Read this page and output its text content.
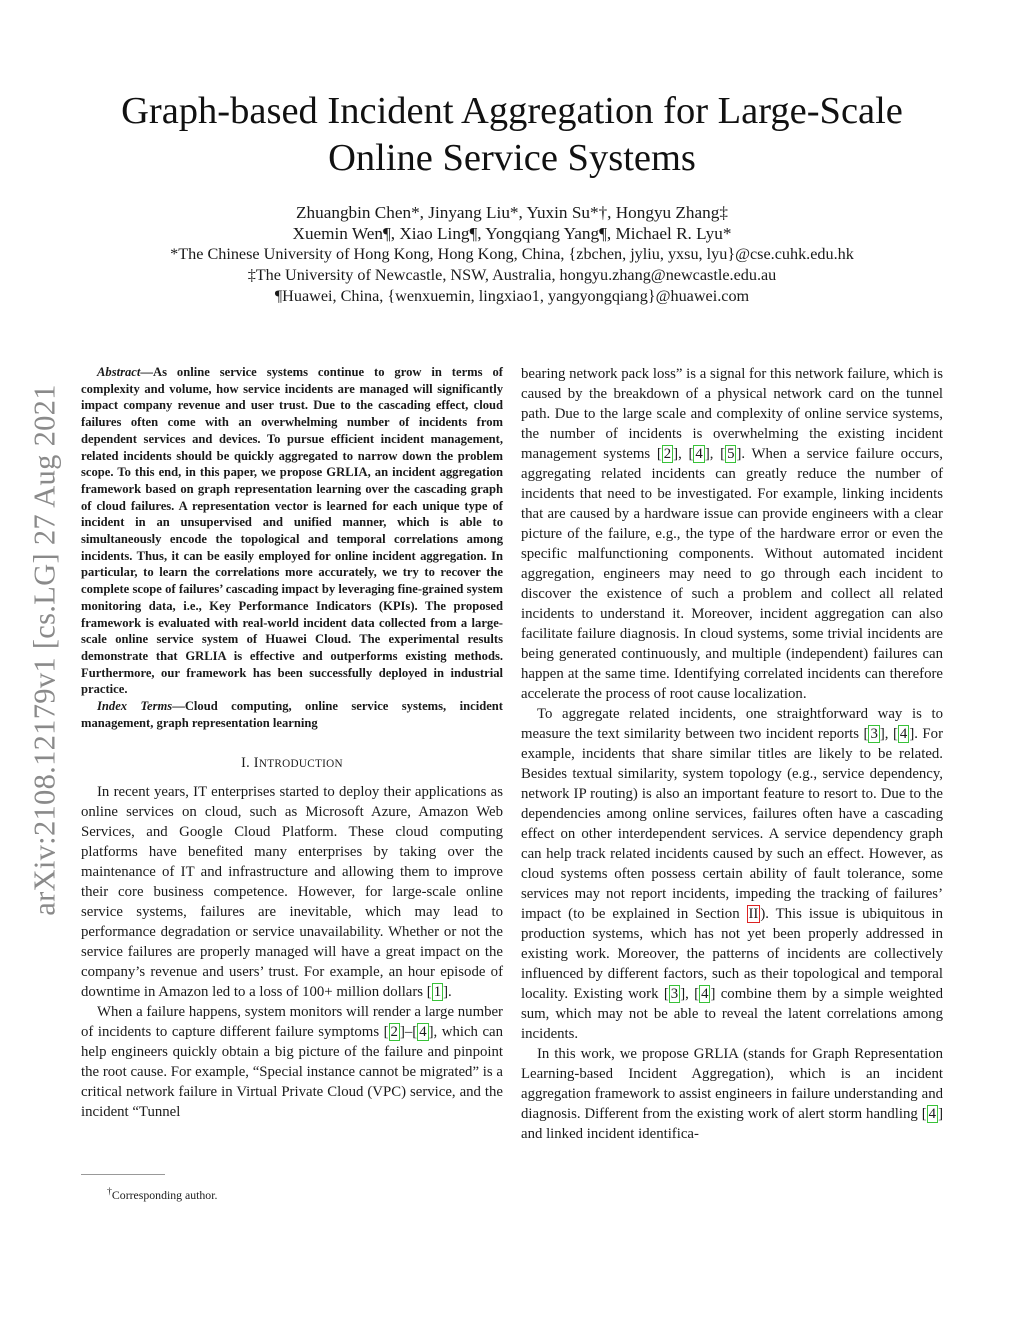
Graph-based Incident Aggregation for Large-Scale
Online Service Systems
Zhuangbin Chen*, Jinyang Liu*, Yuxin Su*†, Hongyu Zhang‡
Xuemin Wen¶, Xiao Ling¶, Yongqiang Yang¶, Michael R. Lyu*
*The Chinese University of Hong Kong, Hong Kong, China, {zbchen, jyliu, yxsu, lyu}@cse.cuhk.edu.hk
‡The University of Newcastle, NSW, Australia, hongyu.zhang@newcastle.edu.au
¶Huawei, China, {wenxuemin, lingxiao1, yangyongqiang}@huawei.com
arXiv:2108.12179v1 [cs.LG] 27 Aug 2021

Abstract—As online service systems continue to grow in terms of complexity and volume, how service incidents are managed will significantly impact company revenue and user trust. Due to the cascading effect, cloud failures often come with an overwhelming number of incidents from dependent services and devices. To pursue efficient incident management, related incidents should be quickly aggregated to narrow down the problem scope. To this end, in this paper, we propose GRLIA, an incident aggregation framework based on graph representation learning over the cascading graph of cloud failures. A representation vector is learned for each unique type of incident in an unsupervised and unified manner, which is able to simultaneously encode the topological and temporal correlations among incidents. Thus, it can be easily employed for online incident aggregation. In particular, to learn the correlations more accurately, we try to recover the complete scope of failures’ cascading impact by leveraging fine-grained system monitoring data, i.e., Key Performance Indicators (KPIs). The proposed framework is evaluated with real-world incident data collected from a large-scale online service system of Huawei Cloud. The experimental results demonstrate that GRLIA is effective and outperforms existing methods. Furthermore, our framework has been successfully deployed in industrial practice.

Index Terms—Cloud computing, online service systems, incident management, graph representation learning

I. INTRODUCTION

In recent years, IT enterprises started to deploy their applications as online services on cloud, such as Microsoft Azure, Amazon Web Services, and Google Cloud Platform. These cloud computing platforms have benefited many enterprises by taking over the maintenance of IT and infrastructure and allowing them to improve their core business competence. However, for large-scale online service systems, failures are inevitable, which may lead to performance degradation or service unavailability. Whether or not the service failures are properly managed will have a great impact on the company’s revenue and users’ trust. For example, an hour episode of downtime in Amazon led to a loss of 100+ million dollars [ 1 ].

When a failure happens, system monitors will render a large number of incidents to capture different failure symptoms [ 2 ]–[ 4 ], which can help engineers quickly obtain a big picture of the failure and pinpoint the root cause. For example, “Special instance cannot be migrated” is a critical network failure in Virtual Private Cloud (VPC) service, and the incident “Tunnel

bearing network pack loss” is a signal for this network failure, which is caused by the breakdown of a physical network card on the tunnel path. Due to the large scale and complexity of online service systems, the number of incidents is overwhelming the existing incident management systems [ 2 ], [ 4 ], [ 5 ]. When a service failure occurs, aggregating related incidents can greatly reduce the number of incidents that need to be investigated. For example, linking incidents that are caused by a hardware issue can provide engineers with a clear picture of the failure, e.g., the type of the hardware error or even the specific malfunctioning components. Without automated incident aggregation, engineers may need to go through each incident to discover the existence of such a problem and collect all related incidents to understand it. Moreover, incident aggregation can also facilitate failure diagnosis. In cloud systems, some trivial incidents are being generated continuously, and multiple (independent) failures can happen at the same time. Identifying correlated incidents can therefore accelerate the process of root cause localization.

To aggregate related incidents, one straightforward way is to measure the text similarity between two incident reports [ 3 ], [ 4 ]. For example, incidents that share similar titles are likely to be related. Besides textual similarity, system topology (e.g., service dependency, network IP routing) is also an important feature to resort to. Due to the dependencies among online services, failures often have a cascading effect on other interdependent services. A service dependency graph can help track related incidents caused by such an effect. However, as cloud systems often possess certain ability of fault tolerance, some services may not report incidents, impeding the tracking of failures’ impact (to be explained in Section II ). This issue is ubiquitous in production systems, which has not yet been properly addressed in existing work. Moreover, the patterns of incidents are collectively influenced by different factors, such as their topological and temporal locality. Existing work [ 3 ], [ 4 ] combine them by a simple weighted sum, which may not be able to reveal the latent correlations among incidents.

In this work, we propose GRLIA (stands for Graph Representation Learning-based Incident Aggregation), which is an incident aggregation framework to assist engineers in failure understanding and diagnosis. Different from the existing work of alert storm handling [ 4 ] and linked incident identifica-

†Corresponding author.
